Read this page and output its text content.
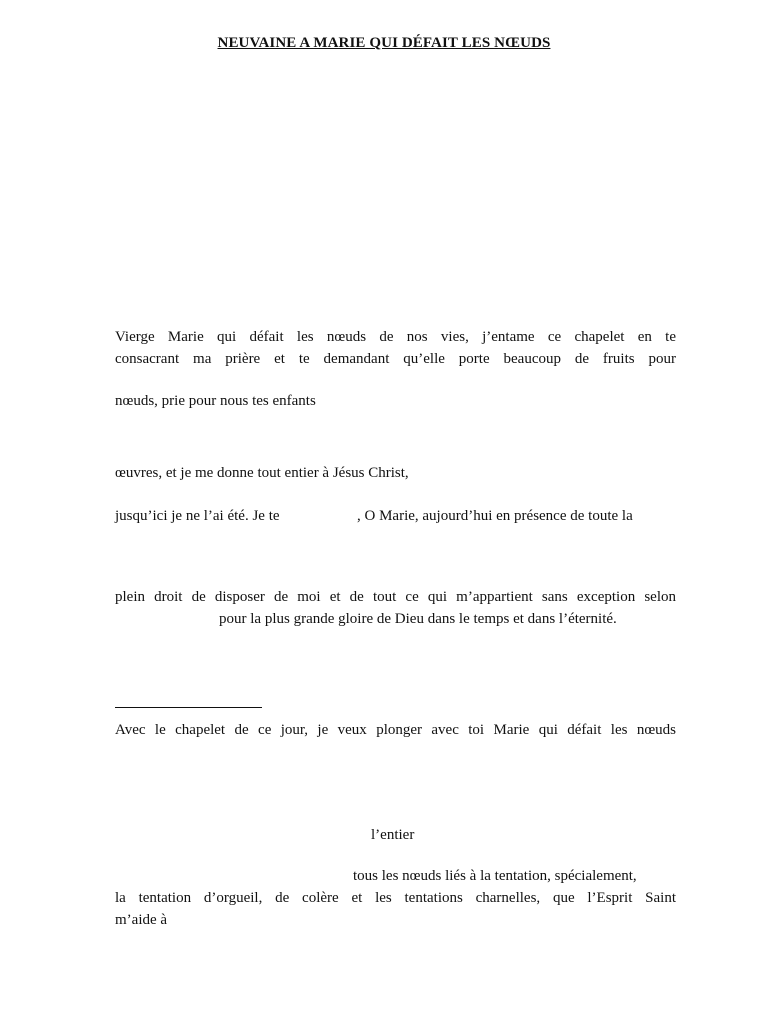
NEUVAINE A MARIE QUI DÉFAIT LES NŒUDS
Vierge Marie qui défait les nœuds de nos vies, j’entame ce chapelet en te
consacrant ma prière et te demandant qu’elle porte beaucoup de fruits pour
nœuds, prie pour nous tes enfants
œuvres, et je me donne tout entier à Jésus Christ,
jusqu’ici je ne l’ai été. Je te	, O Marie, aujourd’hui en présence de toute la
plein droit de disposer de moi et de tout ce qui m’appartient sans exception selon
pour la plus grande gloire de Dieu dans le temps et dans l’éternité.
Avec le chapelet de ce jour, je veux plonger avec toi Marie qui défait les nœuds
l’entier
tous les nœuds liés à la tentation, spécialement,
la tentation d’orgueil, de colère et les tentations charnelles, que l’Esprit Saint
m’aide à
